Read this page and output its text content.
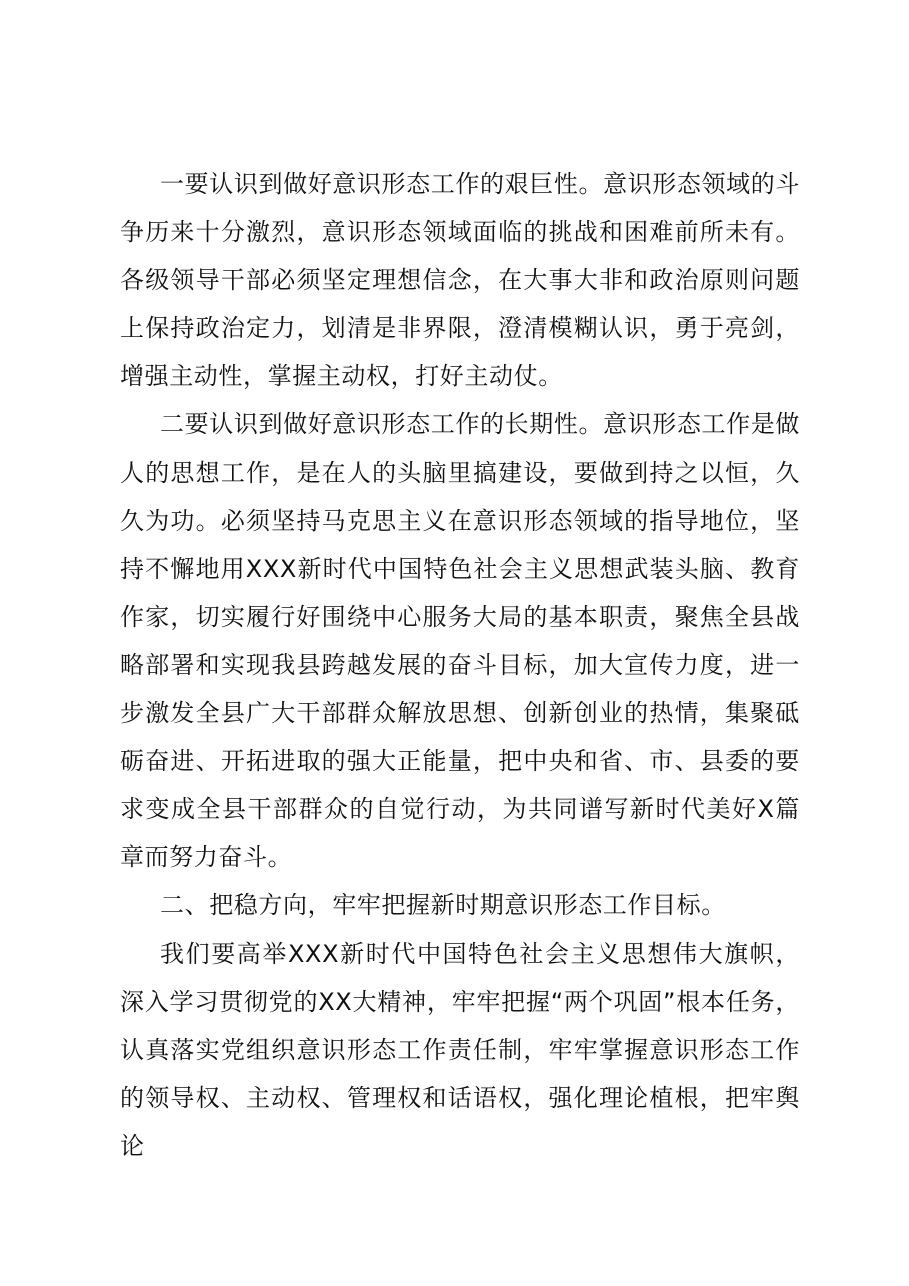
一要认识到做好意识形态工作的艰巨性。意识形态领域的斗争历来十分激烈，意识形态领域面临的挑战和困难前所未有。各级领导干部必须坚定理想信念，在大事大非和政治原则问题上保持政治定力，划清是非界限，澄清模糊认识，勇于亮剑，增强主动性，掌握主动权，打好主动仗。

二要认识到做好意识形态工作的长期性。意识形态工作是做人的思想工作，是在人的头脑里搞建设，要做到持之以恒，久久为功。必须坚持马克思主义在意识形态领域的指导地位，坚持不懈地用XXX新时代中国特色社会主义思想武装头脑、教育作家，切实履行好围绕中心服务大局的基本职责，聚焦全县战略部署和实现我县跨越发展的奋斗目标，加大宣传力度，进一步激发全县广大干部群众解放思想、创新创业的热情，集聚砥砺奋进、开拓进取的强大正能量，把中央和省、市、县委的要求变成全县干部群众的自觉行动，为共同谱写新时代美好X篇章而努力奋斗。

二、把稳方向，牢牢把握新时期意识形态工作目标。

我们要高举XXX新时代中国特色社会主义思想伟大旗帜，深入学习贯彻党的XX大精神，牢牢把握“两个巩固”根本任务，认真落实党组织意识形态工作责任制，牢牢掌握意识形态工作的领导权、主动权、管理权和话语权，强化理论植根，把牢舆论
